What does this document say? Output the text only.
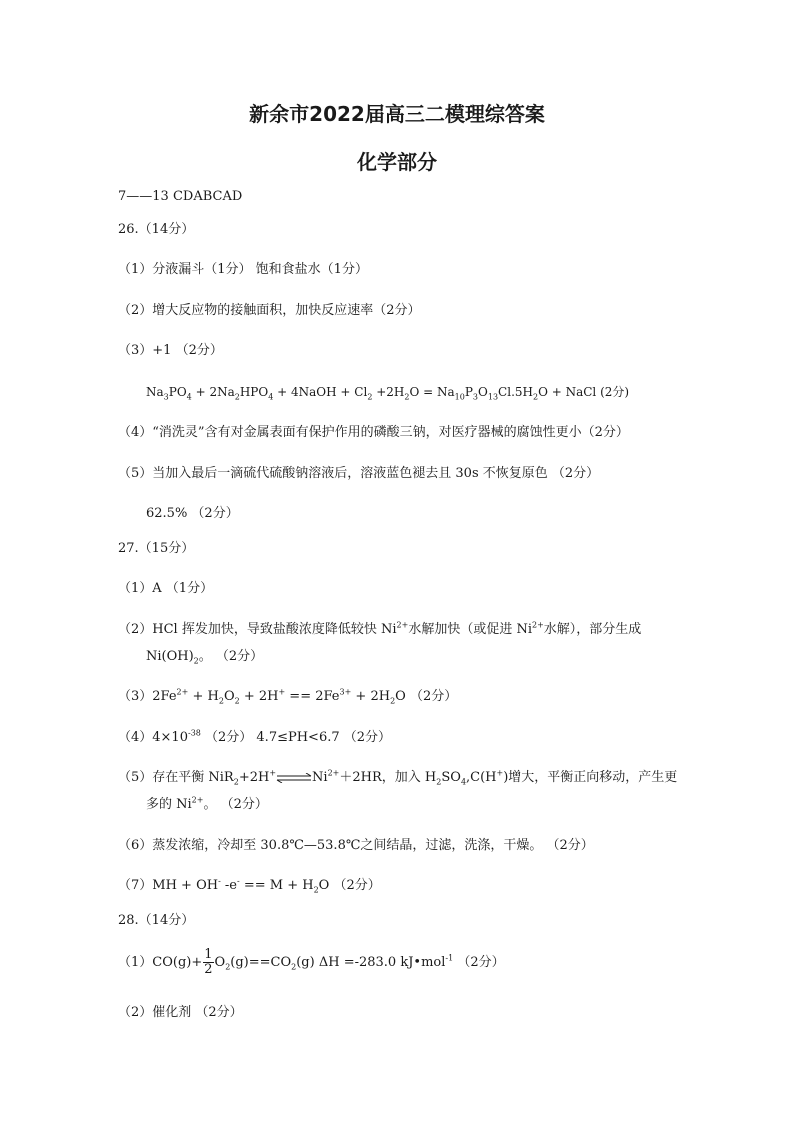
新余市2022届高三二模理综答案
化学部分
7——13 CDABCAD
26.（14分）
（1）分液漏斗（1分） 饱和食盐水（1分）
（2）增大反应物的接触面积，加快反应速率（2分）
（3）+1 （2分）
$Na_3PO_4 + 2Na_2HPO_4$ + 4NaOH + $Cl_2 +2H_2O = Na_{10}P_3O_{13}Cl.5H_2O$ + NaCl (2分)
（4）“消洗灵”含有对金属表面有保护作用的磷酸三钠，对医疗器械的腐蚀性更小（2分）
（5）当加入最后一滴硫代硫酸钠溶液后，溶液蓝色褪去且 30s 不恢复原色 （2分）
62.5% （2分）
27.（15分）
（1）A （1分）
（2）HCl 挥发加快，导致盐酸浓度降低较快 $Ni^{2+}$水解加快（或促进 $Ni^{2+}$水解），部分生成
$Ni(OH)_2$。 （2分）
$(3)2Fe^{2+} + H_2O_2 + 2H^+ == 2Fe^{3+} + 2H_2O$ （2分）
$(4)4\times 10^{-38}$ （2分） 4.7≤PH<6.7 （2分）
（5）存在平衡 $NiR_2+2H^+\rightleftharpoons Ni^{2+}+2HR$，加入 $H_2SO_4,C(H^+)$增大，平衡正向移动，产生更
多的 $Ni^{2+}$。 （2分）
（6）蒸发浓缩，冷却至 30.8℃—53.8℃之间结晶，过滤，洗涤，干燥。 （2分）
（7）MH + OH- $-e^- == M + H_2O$ （2分）
28.（14分）
$(1)CO(g)+ \frac{1}{2} O_2(g)==CO_2(g)$ ΔH =-283.0 kJ•mol$^{-1}$ （2分）
（2）催化剂 （2分）
